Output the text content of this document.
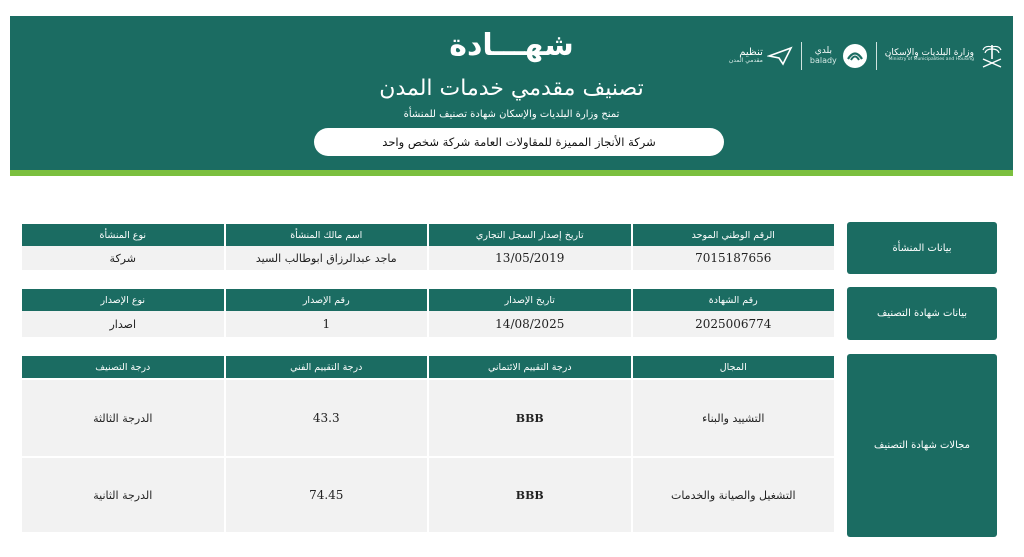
شهـــادة
تصنيف مقدمي خدمات المدن
تمنح وزارة البلديات والإسكان شهادة تصنيف للمنشأة
شركة الأنجاز المميزة للمقاولات العامة شركة شخص واحد
تنظيم
مقدمي المدن
بلدي
balady
وزارة البلديات والإسكان
Ministry of Municipalities and Housing
بيانات المنشأة
الرقم الوطني الموحد
7015187656
تاريخ إصدار السجل التجاري
13/05/2019
اسم مالك المنشأة
ماجد عبدالرزاق ابوطالب السيد
نوع المنشأة
شركة
بيانات شهادة التصنيف
رقم الشهادة
2025006774
تاريخ الإصدار
14/08/2025
رقم الإصدار
1
نوع الإصدار
اصدار
مجالات شهادة التصنيف
المجال
التشييد والبناء
التشغيل والصيانة والخدمات
درجة التقييم الائتماني
BBB
BBB
درجة التقييم الفني
43.3
74.45
درجة التصنيف
الدرجة الثالثة
الدرجة الثانية
